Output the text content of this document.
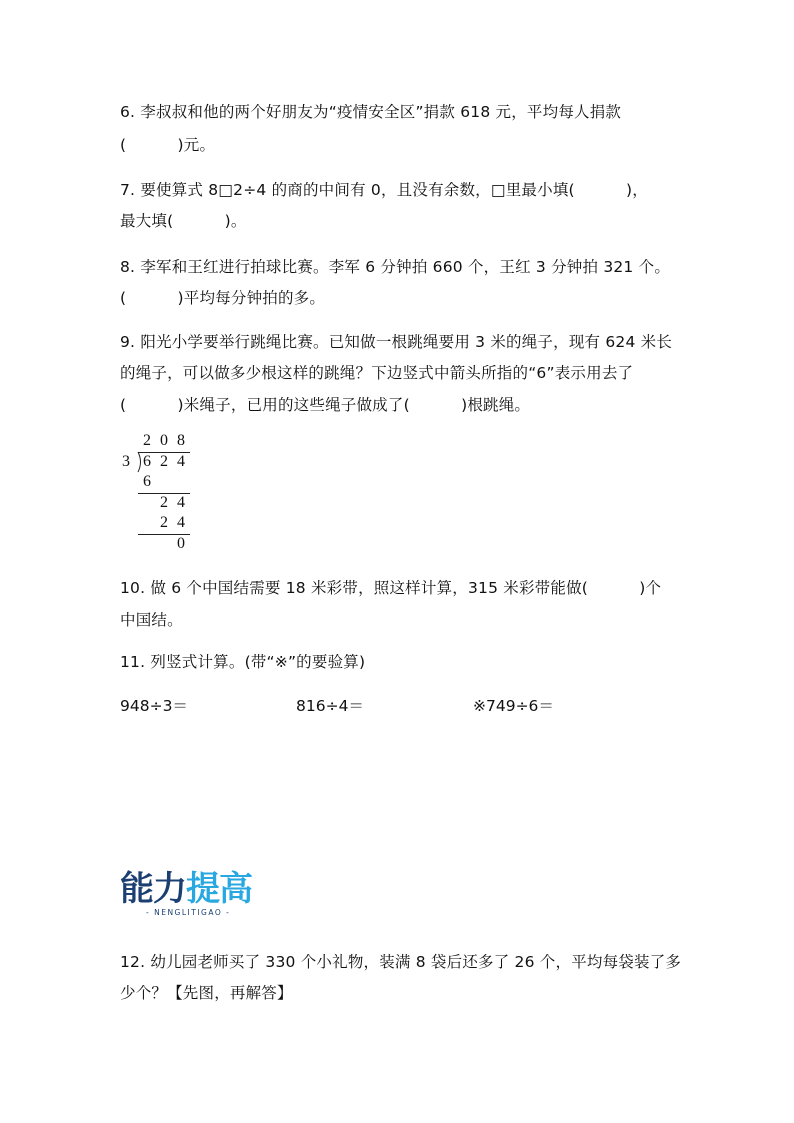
6. 李叔叔和他的两个好朋友为“疫情安全区”捐款 618 元，平均每人捐款
(          )元。
7. 要使算式 8□2÷4 的商的中间有 0，且没有余数，□里最小填(          )，
最大填(          )。
8. 李军和王红进行拍球比赛。李军 6 分钟拍 660 个，王红 3 分钟拍 321 个。
(          )平均每分钟拍的多。
9. 阳光小学要举行跳绳比赛。已知做一根跳绳要用 3 米的绳子，现有 624 米长
的绳子，可以做多少根这样的跳绳？下边竖式中箭头所指的“6”表示用去了
(          )米绳子，已用的这些绳子做成了(          )根跳绳。
2 0 8
3 6 2 4
6
2 4
2 4
0
10. 做 6 个中国结需要 18 米彩带，照这样计算，315 米彩带能做(          )个
中国结。
11. 列竖式计算。(带“※”的要验算)
948÷3＝	816÷4＝	※749÷6＝
能力提高
- NENGLITIGAO -
12. 幼儿园老师买了 330 个小礼物，装满 8 袋后还多了 26 个，平均每袋装了多
少个？【先图，再解答】
